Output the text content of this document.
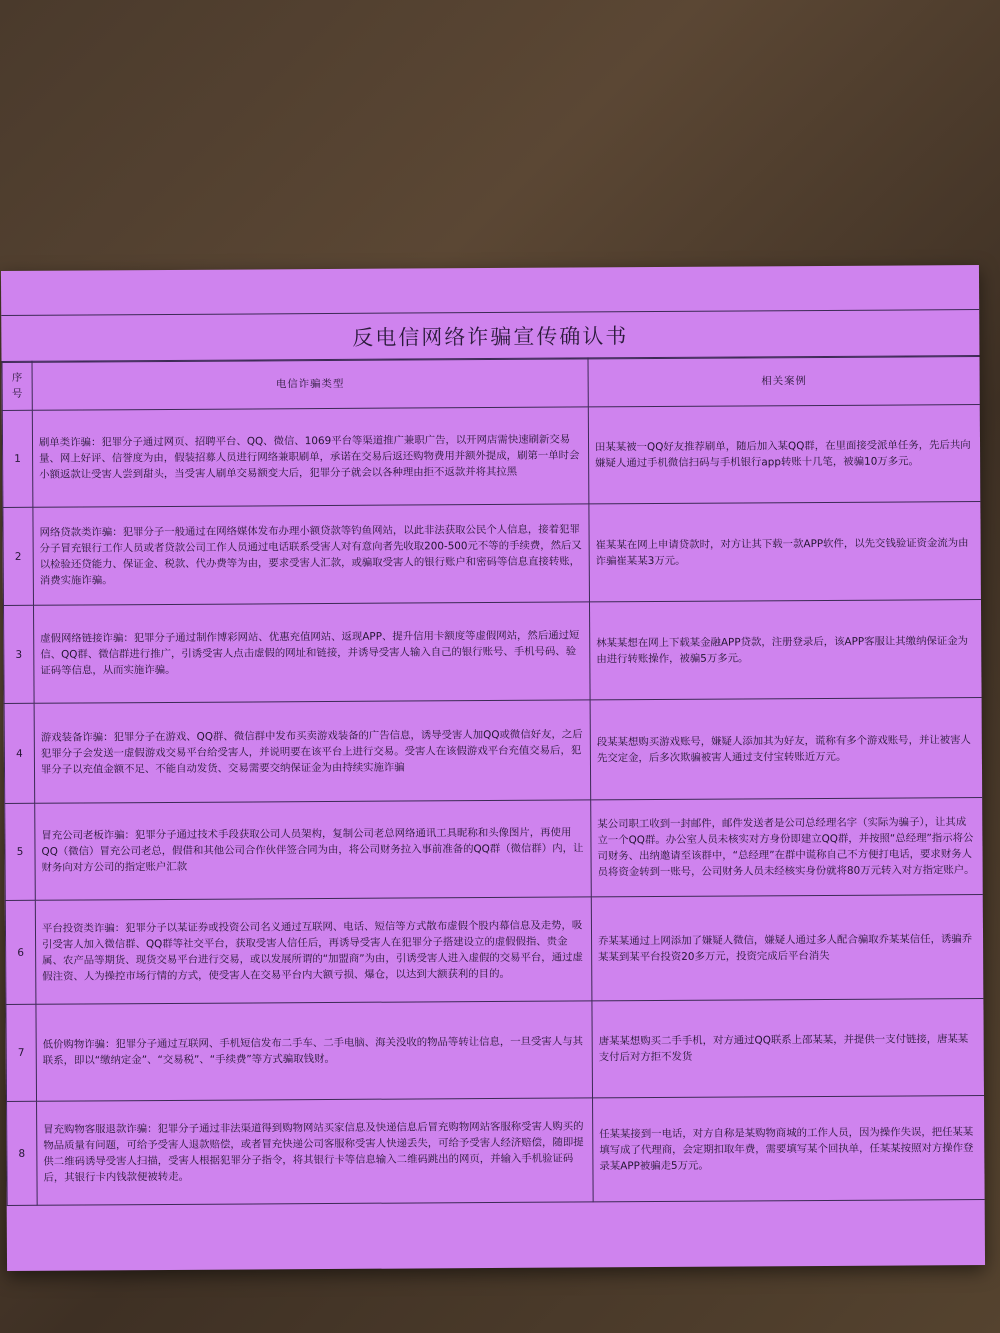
反电信网络诈骗宣传确认书
序号	电信诈骗类型	相关案例
1	刷单类诈骗：犯罪分子通过网页、招聘平台、QQ、微信、1069平台等渠道推广兼职广告，以开网店需快速刷新交易量、网上好评、信誉度为由，假装招募人员进行网络兼职刷单，承诺在交易后返还购物费用并额外提成，刷第一单时会小额返款让受害人尝到甜头，当受害人刷单交易额变大后，犯罪分子就会以各种理由拒不返款并将其拉黑	田某某被一QQ好友推荐刷单，随后加入某QQ群，在里面接受派单任务，先后共向嫌疑人通过手机微信扫码与手机银行app转账十几笔，被骗10万多元。
2	网络贷款类诈骗：犯罪分子一般通过在网络媒体发布办理小额贷款等钓鱼网站，以此非法获取公民个人信息，接着犯罪分子冒充银行工作人员或者贷款公司工作人员通过电话联系受害人对有意向者先收取200-500元不等的手续费，然后又以检验还贷能力、保证金、税款、代办费等为由，要求受害人汇款，或骗取受害人的银行账户和密码等信息直接转账，消费实施诈骗。	崔某某在网上申请贷款时，对方让其下载一款APP软件，以先交钱验证资金流为由诈骗崔某某3万元。
3	虚假网络链接诈骗：犯罪分子通过制作博彩网站、优惠充值网站、返现APP、提升信用卡额度等虚假网站，然后通过短信、QQ群、微信群进行推广，引诱受害人点击虚假的网址和链接，并诱导受害人输入自己的银行账号、手机号码、验证码等信息，从而实施诈骗。	林某某想在网上下载某金融APP贷款，注册登录后，该APP客服让其缴纳保证金为由进行转账操作，被骗5万多元。
4	游戏装备诈骗：犯罪分子在游戏、QQ群、微信群中发布买卖游戏装备的广告信息，诱导受害人加QQ或微信好友，之后犯罪分子会发送一虚假游戏交易平台给受害人，并说明要在该平台上进行交易。受害人在该假游戏平台充值交易后，犯罪分子以充值金额不足、不能自动发货、交易需要交纳保证金为由持续实施诈骗	段某某想购买游戏账号，嫌疑人添加其为好友，谎称有多个游戏账号，并让被害人先交定金，后多次欺骗被害人通过支付宝转账近万元。
5	冒充公司老板诈骗：犯罪分子通过技术手段获取公司人员架构，复制公司老总网络通讯工具昵称和头像图片，再使用QQ（微信）冒充公司老总，假借和其他公司合作伙伴签合同为由，将公司财务拉入事前准备的QQ群（微信群）内，让财务向对方公司的指定账户汇款	某公司职工收到一封邮件，邮件发送者是公司总经理名字（实际为骗子），让其成立一个QQ群。办公室人员未核实对方身份即建立QQ群，并按照“总经理”指示将公司财务、出纳邀请至该群中，“总经理”在群中谎称自己不方便打电话，要求财务人员将资金转到一账号，公司财务人员未经核实身份就将80万元转入对方指定账户。
6	平台投资类诈骗：犯罪分子以某证券或投资公司名义通过互联网、电话、短信等方式散布虚假个股内幕信息及走势，吸引受害人加入微信群、QQ群等社交平台，获取受害人信任后，再诱导受害人在犯罪分子搭建设立的虚假假指、贵金属、农产品等期货、现货交易平台进行交易，或以发展所谓的“加盟商”为由，引诱受害人进入虚假的交易平台，通过虚假注资、人为操控市场行情的方式，使受害人在交易平台内大额亏损、爆仓，以达到大额获利的目的。	乔某某通过上网添加了嫌疑人微信，嫌疑人通过多人配合骗取乔某某信任，诱骗乔某某到某平台投资20多万元，投资完成后平台消失
7	低价购物诈骗：犯罪分子通过互联网、手机短信发布二手车、二手电脑、海关没收的物品等转让信息，一旦受害人与其联系，即以“缴纳定金”、“交易税”、“手续费”等方式骗取钱财。	唐某某想购买二手手机，对方通过QQ联系上邵某某，并提供一支付链接，唐某某支付后对方拒不发货
8	冒充购物客服退款诈骗：犯罪分子通过非法渠道得到购物网站买家信息及快递信息后冒充购物网站客服称受害人购买的物品质量有问题，可给予受害人退款赔偿，或者冒充快递公司客服称受害人快递丢失，可给予受害人经济赔偿，随即提供二维码诱导受害人扫描，受害人根据犯罪分子指令，将其银行卡等信息输入二维码跳出的网页，并输入手机验证码后，其银行卡内钱款便被转走。	任某某接到一电话，对方自称是某购物商城的工作人员，因为操作失误，把任某某填写成了代理商，会定期扣取年费，需要填写某个回执单，任某某按照对方操作登录某APP被骗走5万元。
